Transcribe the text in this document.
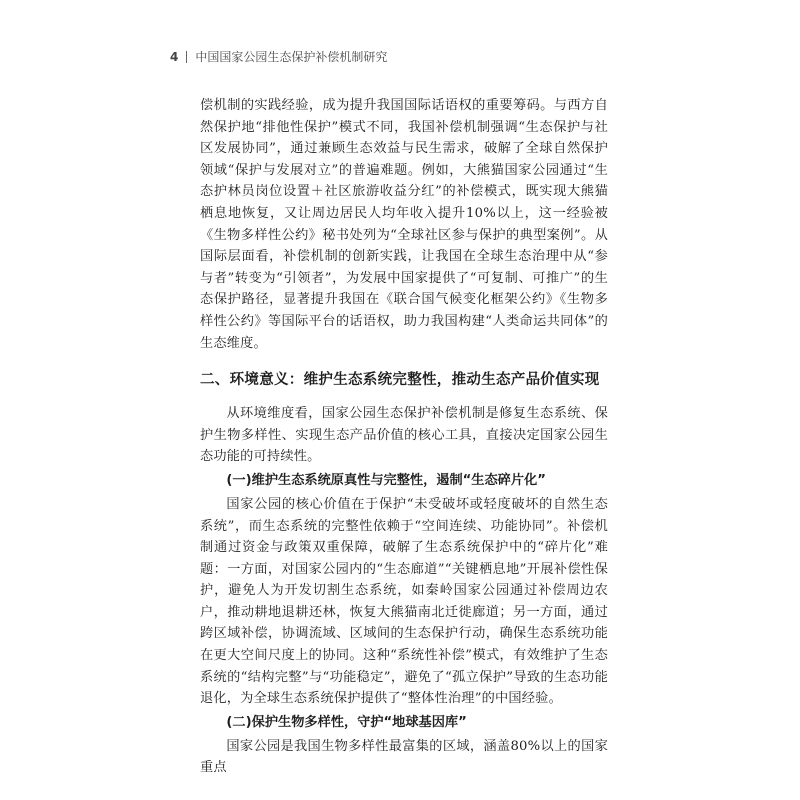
4 中国国家公园生态保护补偿机制研究

偿机制的实践经验，成为提升我国国际话语权的重要筹码。与西方自然保护地“排他性保护”模式不同，我国补偿机制强调“生态保护与社区发展协同”，通过兼顾生态效益与民生需求，破解了全球自然保护领域“保护与发展对立”的普遍难题。例如，大熊猫国家公园通过“生态护林员岗位设置＋社区旅游收益分红”的补偿模式，既实现大熊猫栖息地恢复，又让周边居民人均年收入提升10%以上，这一经验被《生物多样性公约》秘书处列为“全球社区参与保护的典型案例”。从国际层面看，补偿机制的创新实践，让我国在全球生态治理中从“参与者”转变为“引领者”，为发展中国家提供了“可复制、可推广”的生态保护路径，显著提升我国在《联合国气候变化框架公约》《生物多样性公约》等国际平台的话语权，助力我国构建“人类命运共同体”的生态维度。

二、环境意义：维护生态系统完整性，推动生态产品价值实现

从环境维度看，国家公园生态保护补偿机制是修复生态系统、保护生物多样性、实现生态产品价值的核心工具，直接决定国家公园生态功能的可持续性。

(一)维护生态系统原真性与完整性，遏制“生态碎片化”

国家公园的核心价值在于保护“未受破坏或轻度破坏的自然生态系统”，而生态系统的完整性依赖于“空间连续、功能协同”。补偿机制通过资金与政策双重保障，破解了生态系统保护中的“碎片化”难题：一方面，对国家公园内的“生态廊道”“关键栖息地”开展补偿性保护，避免人为开发切割生态系统，如秦岭国家公园通过补偿周边农户，推动耕地退耕还林，恢复大熊猫南北迁徙廊道；另一方面，通过跨区域补偿，协调流域、区域间的生态保护行动，确保生态系统功能在更大空间尺度上的协同。这种“系统性补偿”模式，有效维护了生态系统的“结构完整”与“功能稳定”，避免了“孤立保护”导致的生态功能退化，为全球生态系统保护提供了“整体性治理”的中国经验。

(二)保护生物多样性，守护“地球基因库”

国家公园是我国生物多样性最富集的区域，涵盖80%以上的国家重点
